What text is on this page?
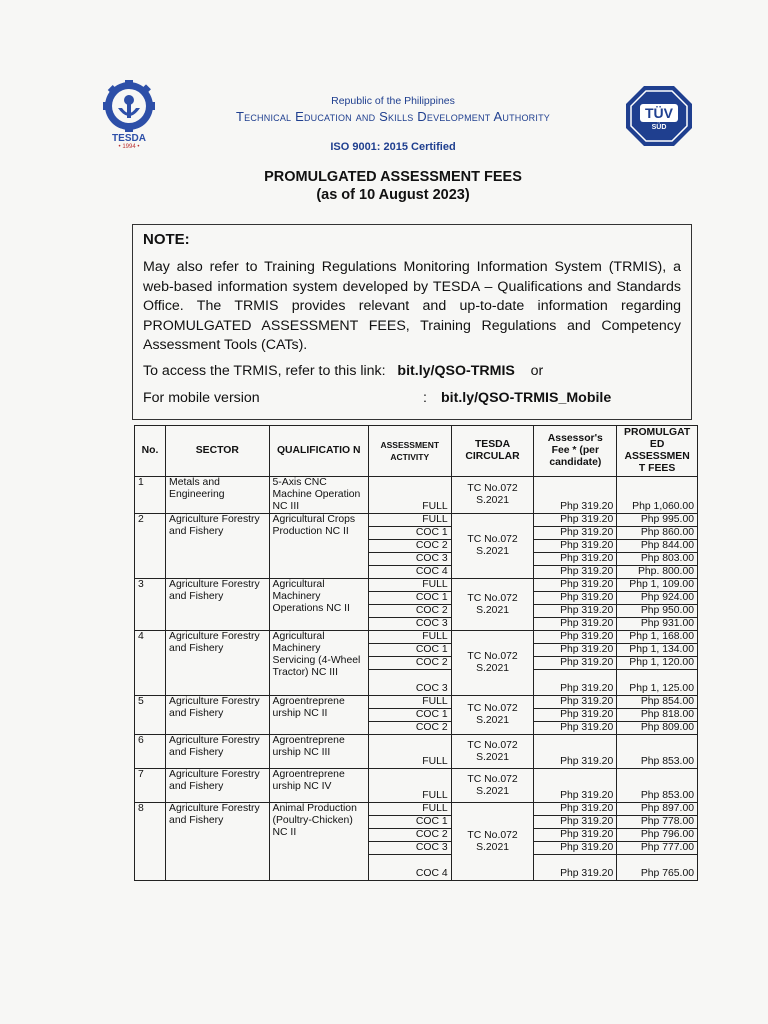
TESDA
• 1994 •
Republic of the Philippines
Technical Education and Skills Development Authority
ISO 9001: 2015 Certified
TÜV
SÜD
PROMULGATED ASSESSMENT FEES
(as of 10 August 2023)
NOTE:

May also refer to Training Regulations Monitoring Information System (TRMIS), a web-based information system developed by TESDA – Qualifications and Standards Office. The TRMIS provides relevant and up-to-date information regarding PROMULGATED ASSESSMENT FEES, Training Regulations and Competency Assessment Tools (CATs).

To access the TRMIS, refer to this link: bit.ly/QSO-TRMIS or
For mobile version	: bit.ly/QSO-TRMIS_Mobile
No.	SECTOR	QUALIFICATIO N	ASSESSMENT ACTIVITY	TESDA CIRCULAR	Assessor's Fee * (per candidate)	PROMULGAT ED ASSESSMEN T FEES
1	Metals and Engineering	5-Axis CNC Machine Operation NC III	FULL	TC No.072 S.2021	Php 319.20	Php 1,060.00
2	Agriculture Forestry and Fishery	Agricultural Crops Production NC II	FULL	TC No.072 S.2021	Php 319.20	Php 995.00
			COC 1		Php 319.20	Php 860.00
			COC 2		Php 319.20	Php 844.00
			COC 3		Php 319.20	Php 803.00
			COC 4		Php 319.20	Php. 800.00
3	Agriculture Forestry and Fishery	Agricultural Machinery Operations NC II	FULL	TC No.072 S.2021	Php 319.20	Php 1, 109.00
			COC 1		Php 319.20	Php 924.00
			COC 2		Php 319.20	Php 950.00
			COC 3		Php 319.20	Php 931.00
4	Agriculture Forestry and Fishery	Agricultural Machinery Servicing (4-Wheel Tractor) NC III	FULL	TC No.072 S.2021	Php 319.20	Php 1, 168.00
			COC 1		Php 319.20	Php 1, 134.00
			COC 2		Php 319.20	Php 1, 120.00
			COC 3		Php 319.20	Php 1, 125.00
5	Agriculture Forestry and Fishery	Agroentreprene urship NC II	FULL	TC No.072 S.2021	Php 319.20	Php 854.00
			COC 1		Php 319.20	Php 818.00
			COC 2		Php 319.20	Php 809.00
6	Agriculture Forestry and Fishery	Agroentreprene urship NC III	FULL	TC No.072 S.2021	Php 319.20	Php 853.00
7	Agriculture Forestry and Fishery	Agroentreprene urship NC IV	FULL	TC No.072 S.2021	Php 319.20	Php 853.00
8	Agriculture Forestry and Fishery	Animal Production (Poultry-Chicken) NC II	FULL	TC No.072 S.2021	Php 319.20	Php 897.00
			COC 1		Php 319.20	Php 778.00
			COC 2		Php 319.20	Php 796.00
			COC 3		Php 319.20	Php 777.00
			COC 4		Php 319.20	Php 765.00
